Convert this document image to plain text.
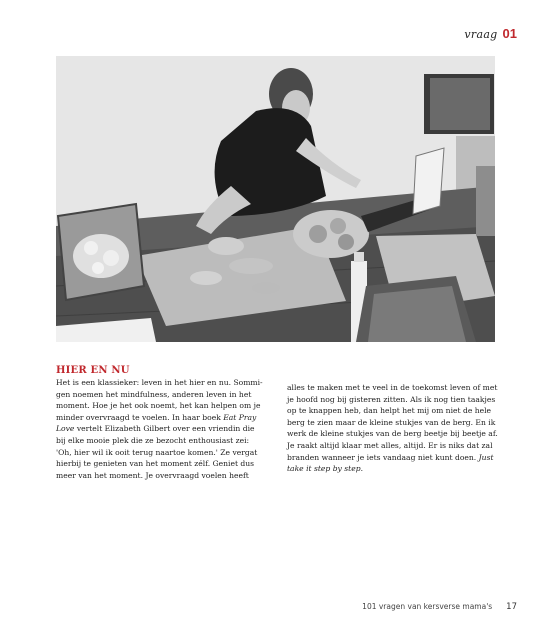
vraag 01
HIER EN NU

Het is een klassieker: leven in het hier en nu. Sommi-

gen noemen het mindfulness, anderen leven in het

moment. Hoe je het ook noemt, het kan helpen om je

minder overvraagd te voelen. In haar boek Eat Pray

Love vertelt Elizabeth Gilbert over een vriendin die

bij elke mooie plek die ze bezocht enthousiast zei:

'Oh, hier wil ik ooit terug naartoe komen.' Ze vergat

hierbij te genieten van het moment zélf. Geniet dus

meer van het moment. Je overvraagd voelen heeft

alles te maken met te veel in de toekomst leven of met

je hoofd nog bij gisteren zitten. Als ik nog tien taakjes

op te knappen heb, dan helpt het mij om niet de hele

berg te zien maar de kleine stukjes van de berg. En ik

werk de kleine stukjes van de berg beetje bij beetje af.

Je raakt altijd klaar met alles, altijd. Er is niks dat zal

branden wanneer je iets vandaag niet kunt doen. Just

take it step by step.

101 vragen van kersverse mama's 17
